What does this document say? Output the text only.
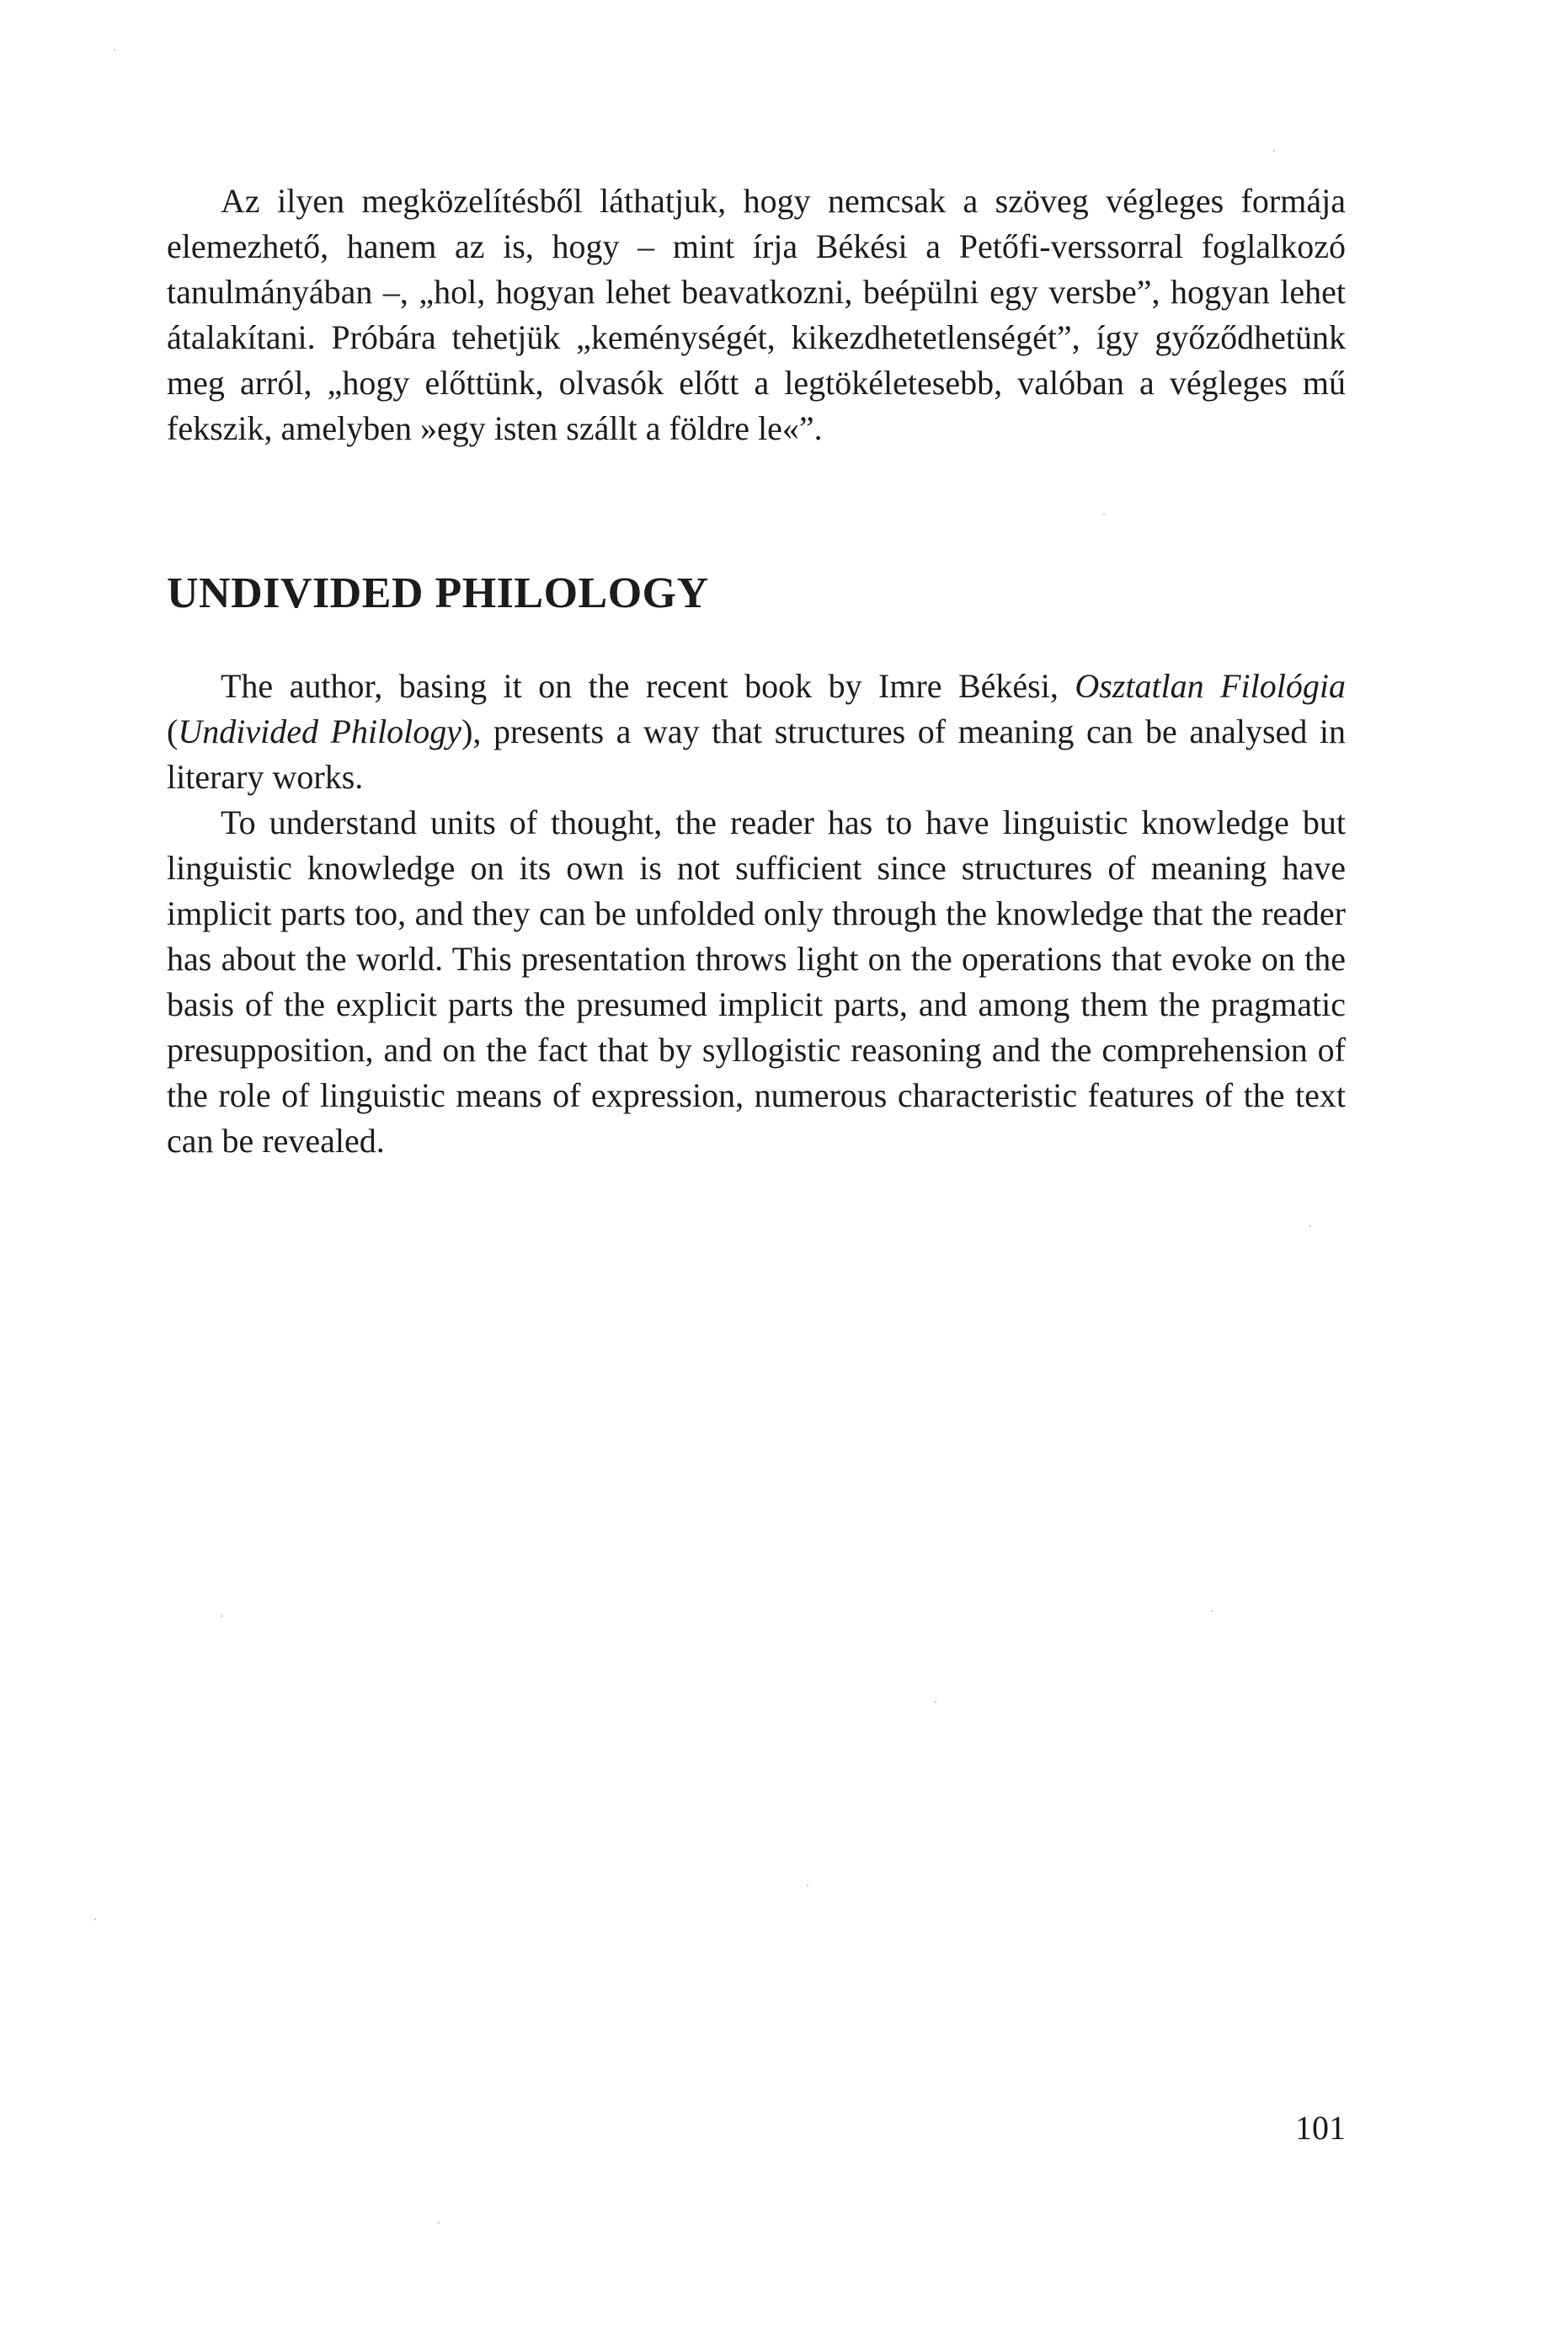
Az ilyen megközelítésből láthatjuk, hogy nemcsak a szöveg végleges formája elemezhető, hanem az is, hogy – mint írja Békési a Petőfi-verssorral foglalkozó tanulmányában –, „hol, hogyan lehet beavatkozni, beépülni egy versbe”, hogyan lehet átalakítani. Próbára tehetjük „keménységét, kikezdhetetlenségét”, így győződhetünk meg arról, „hogy előttünk, olvasók előtt a legtökéletesebb, valóban a végleges mű fekszik, amelyben »egy isten szállt a földre le«”.

UNDIVIDED PHILOLOGY

The author, basing it on the recent book by Imre Békési, Osztatlan Filológia (Undivided Philology), presents a way that structures of meaning can be analysed in literary works.

To understand units of thought, the reader has to have linguistic knowledge but linguistic knowledge on its own is not sufficient since structures of meaning have implicit parts too, and they can be unfolded only through the knowledge that the reader has about the world. This presentation throws light on the operations that evoke on the basis of the explicit parts the presumed implicit parts, and among them the pragmatic presupposition, and on the fact that by syllogistic reasoning and the comprehension of the role of linguistic means of expression, numerous characteristic features of the text can be revealed.

101
